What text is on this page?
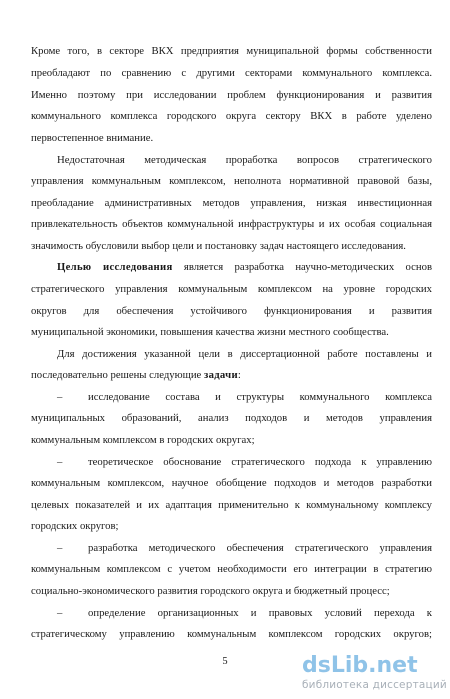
Кроме того, в секторе ВКХ предприятия муниципальной формы собственности
преобладают по сравнению с другими секторами коммунального комплекса.
Именно поэтому при исследовании проблем функционирования и развития
коммунального комплекса городского округа сектору ВКХ в работе уделено
первостепенное внимание.
Недостаточная методическая проработка вопросов стратегического
управления коммунальным комплексом, неполнота нормативной правовой базы,
преобладание административных методов управления, низкая инвестиционная
привлекательность объектов коммунальной инфраструктуры и их особая социальная
значимость обусловили выбор цели и постановку задач настоящего исследования.
Целью исследования является разработка научно-методических основ
стратегического управления коммунальным комплексом на уровне городских
округов для обеспечения устойчивого функционирования и развития
муниципальной экономики, повышения качества жизни местного сообщества.
Для достижения указанной цели в диссертационной работе поставлены и
последовательно решены следующие задачи:
–	исследование состава и структуры коммунального комплекса
муниципальных образований, анализ подходов и методов управления
коммунальным комплексом в городских округах;
–	теоретическое обоснование стратегического подхода к управлению
коммунальным комплексом, научное обобщение подходов и методов разработки
целевых показателей и их адаптация применительно к коммунальному комплексу
городских округов;
–	разработка методического обеспечения стратегического управления
коммунальным комплексом с учетом необходимости его интеграции в стратегию
социально-экономического развития городского округа и бюджетный процесс;
–	определение организационных и правовых условий перехода к
стратегическому управлению коммунальным комплексом городских округов;
5	dsLib.net
библиотека диссертаций
